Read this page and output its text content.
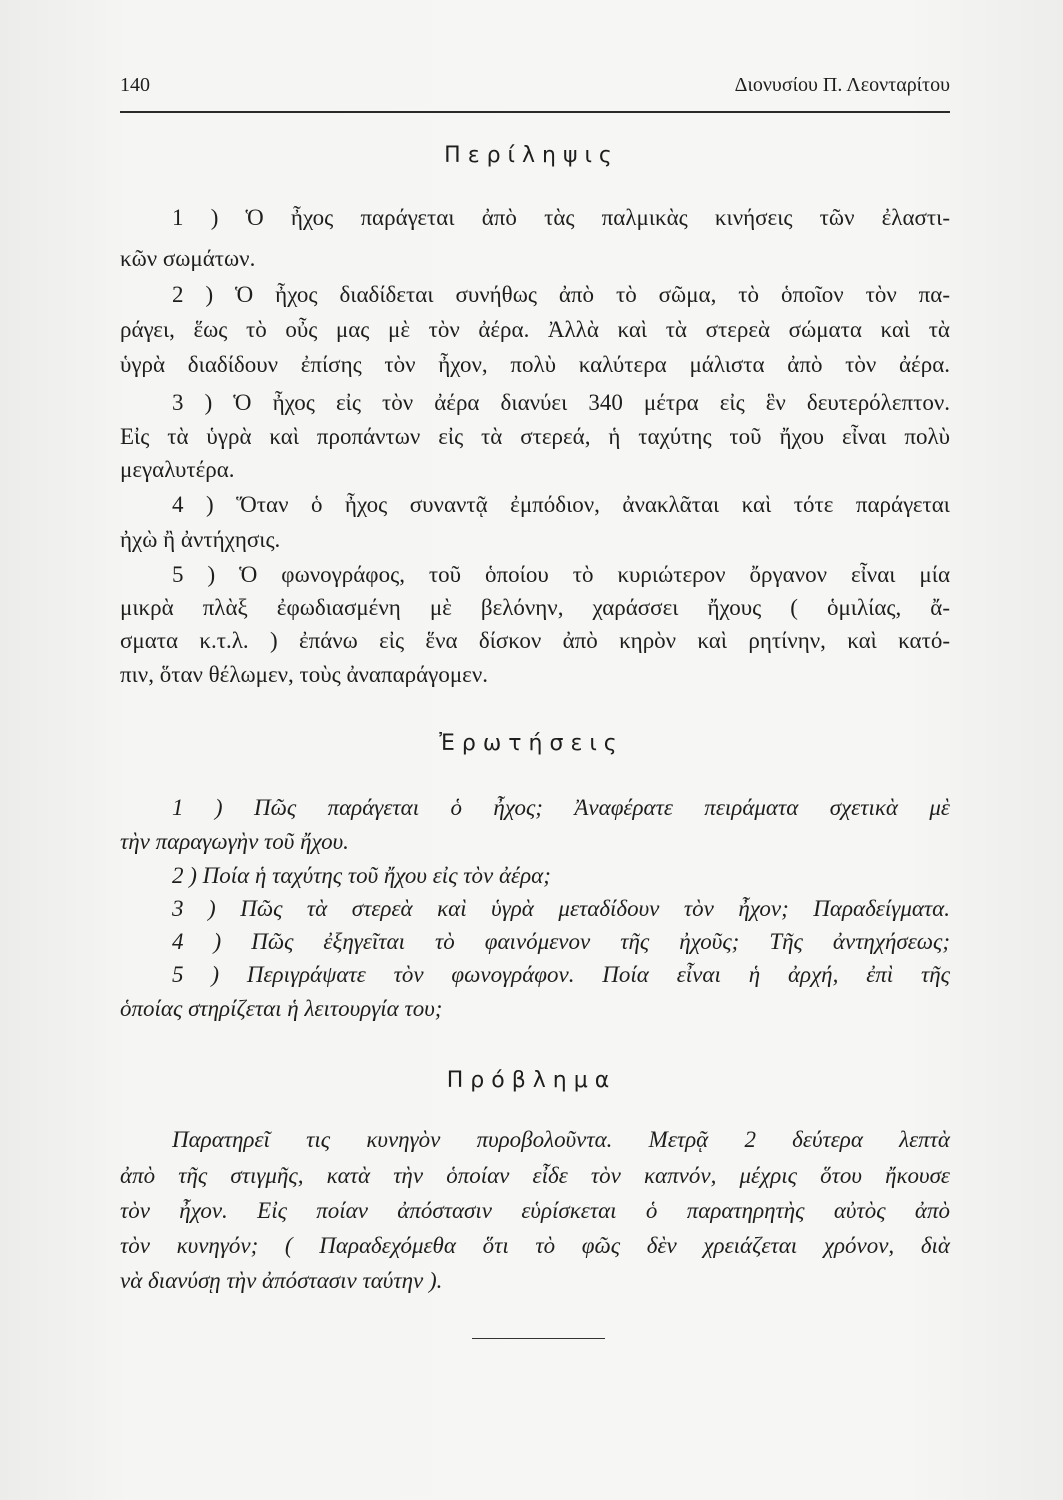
140	Διονυσίου Π. Λεονταρίτου
Περίληψις
1 ) Ὁ ἦχος παράγεται ἀπὸ τὰς παλμικὰς κινήσεις τῶν ἐλαστι-
κῶν σωμάτων.
2 ) Ὁ ἦχος διαδίδεται συνήθως ἀπὸ τὸ σῶμα, τὸ ὁποῖον τὸν πα-
ράγει, ἕως τὸ οὖς μας μὲ τὸν ἀέρα. Ἀλλὰ καὶ τὰ στερεὰ σώματα καὶ τὰ
ὑγρὰ διαδίδουν ἐπίσης τὸν ἦχον, πολὺ καλύτερα μάλιστα ἀπὸ τὸν ἀέρα.
3 ) Ὁ ἦχος εἰς τὸν ἀέρα διανύει 340 μέτρα εἰς ἓν δευτερόλεπτον.
Εἰς τὰ ὑγρὰ καὶ προπάντων εἰς τὰ στερεά, ἡ ταχύτης τοῦ ἤχου εἶναι πολὺ
μεγαλυτέρα.
4 ) Ὅταν ὁ ἦχος συναντᾷ ἐμπόδιον, ἀνακλᾶται καὶ τότε παράγεται
ἠχὼ ἢ ἀντήχησις.
5 ) Ὁ φωνογράφος, τοῦ ὁποίου τὸ κυριώτερον ὄργανον εἶναι μία
μικρὰ πλὰξ ἐφωδιασμένη μὲ βελόνην, χαράσσει ἤχους ( ὁμιλίας, ἄ-
σματα κ.τ.λ. ) ἐπάνω εἰς ἕνα δίσκον ἀπὸ κηρὸν καὶ ρητίνην, καὶ κατό-
πιν, ὅταν θέλωμεν, τοὺς ἀναπαράγομεν.
Ἐρωτήσεις
1 ) Πῶς παράγεται ὁ ἦχος; Ἀναφέρατε πειράματα σχετικὰ μὲ
τὴν παραγωγὴν τοῦ ἤχου.
2 ) Ποία ἡ ταχύτης τοῦ ἤχου εἰς τὸν ἀέρα;
3 ) Πῶς τὰ στερεὰ καὶ ὑγρὰ μεταδίδουν τὸν ἦχον; Παραδείγματα.
4 ) Πῶς ἐξηγεῖται τὸ φαινόμενον τῆς ἠχοῦς; Τῆς ἀντηχήσεως;
5 ) Περιγράψατε τὸν φωνογράφον. Ποία εἶναι ἡ ἀρχή, ἐπὶ τῆς
ὁποίας στηρίζεται ἡ λειτουργία του;
Πρόβλημα
Παρατηρεῖ τις κυνηγὸν πυροβολοῦντα. Μετρᾷ 2 δεύτερα λεπτὰ
ἀπὸ τῆς στιγμῆς, κατὰ τὴν ὁποίαν εἶδε τὸν καπνόν, μέχρις ὅτου ἤκουσε
τὸν ἦχον. Εἰς ποίαν ἀπόστασιν εὑρίσκεται ὁ παρατηρητὴς αὐτὸς ἀπὸ
τὸν κυνηγόν; ( Παραδεχόμεθα ὅτι τὸ φῶς δὲν χρειάζεται χρόνον, διὰ
νὰ διανύσῃ τὴν ἀπόστασιν ταύτην ).
